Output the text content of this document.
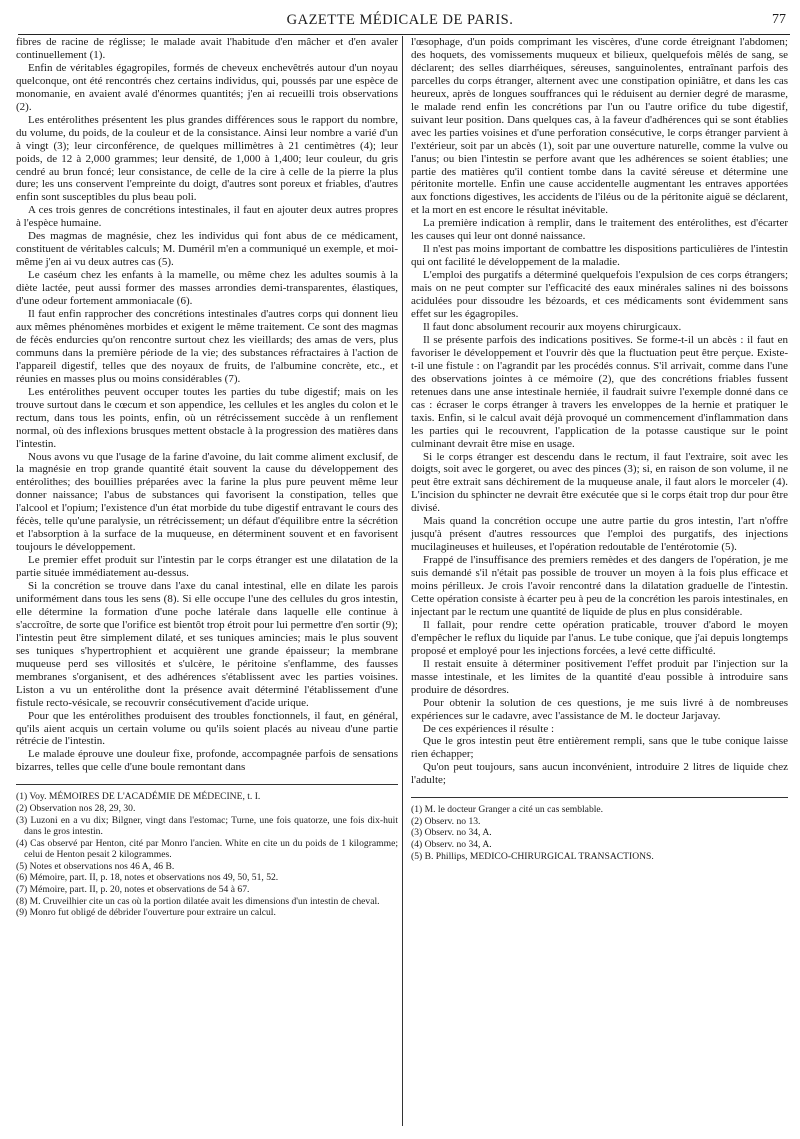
GAZETTE MÉDICALE DE PARIS.	77

fibres de racine de réglisse; le malade avait l'habitude d'en mâcher et d'en avaler continuellement (1).

Enfin de véritables égagropiles, formés de cheveux enchevêtrés autour d'un noyau quelconque, ont été rencontrés chez certains individus, qui, poussés par une espèce de monomanie, en avaient avalé d'énormes quantités; j'en ai recueilli trois observations (2).

Les entérolithes présentent les plus grandes différences sous le rapport du nombre, du volume, du poids, de la couleur et de la consistance. Ainsi leur nombre a varié d'un à vingt (3); leur circonférence, de quelques millimètres à 21 centimètres (4); leur poids, de 12 à 2,000 grammes; leur densité, de 1,000 à 1,400; leur couleur, du gris cendré au brun foncé; leur consistance, de celle de la cire à celle de la pierre la plus dure; les uns conservent l'empreinte du doigt, d'autres sont poreux et friables, d'autres enfin sont susceptibles du plus beau poli.

A ces trois genres de concrétions intestinales, il faut en ajouter deux autres propres à l'espèce humaine.

Des magmas de magnésie, chez les individus qui font abus de ce médicament, constituent de véritables calculs; M. Duméril m'en a communiqué un exemple, et moi-même j'en ai vu deux autres cas (5).

Le caséum chez les enfants à la mamelle, ou même chez les adultes soumis à la diète lactée, peut aussi former des masses arrondies demi-transparentes, élastiques, d'une odeur fortement ammoniacale (6).

Il faut enfin rapprocher des concrétions intestinales d'autres corps qui donnent lieu aux mêmes phénomènes morbides et exigent le même traitement. Ce sont des magmas de fécès endurcies qu'on rencontre surtout chez les vieillards; des amas de vers, plus communs dans la première période de la vie; des substances réfractaires à l'action de l'appareil digestif, telles que des noyaux de fruits, de l'albumine concrète, etc., et réunies en masses plus ou moins considérables (7).

Les entérolithes peuvent occuper toutes les parties du tube digestif; mais on les trouve surtout dans le cœcum et son appendice, les cellules et les angles du colon et le rectum, dans tous les points, enfin, où un rétrécissement succède à un renflement normal, où des inflexions brusques mettent obstacle à la progression des matières dans l'intestin.

Nous avons vu que l'usage de la farine d'avoine, du lait comme aliment exclusif, de la magnésie en trop grande quantité était souvent la cause du développement des entérolithes; des bouillies préparées avec la farine la plus pure peuvent même leur donner naissance; l'abus de substances qui favorisent la constipation, telles que l'alcool et l'opium; l'existence d'un état morbide du tube digestif entravant le cours des fécès, telle qu'une paralysie, un rétrécissement; un défaut d'équilibre entre la sécrétion et l'absorption à la surface de la muqueuse, en déterminent souvent et en favorisent toujours le développement.

Le premier effet produit sur l'intestin par le corps étranger est une dilatation de la partie située immédiatement au-dessus.

Si la concrétion se trouve dans l'axe du canal intestinal, elle en dilate les parois uniformément dans tous les sens (8). Si elle occupe l'une des cellules du gros intestin, elle détermine la formation d'une poche latérale dans laquelle elle continue à s'accroître, de sorte que l'orifice est bientôt trop étroit pour lui permettre d'en sortir (9); l'intestin peut être simplement dilaté, et ses tuniques amincies; mais le plus souvent ses tuniques s'hypertrophient et acquièrent une grande épaisseur; la membrane muqueuse perd ses villosités et s'ulcère, le péritoine s'enflamme, des fausses membranes s'organisent, et des adhérences s'établissent avec les parties voisines. Liston a vu un entérolithe dont la présence avait déterminé l'établissement d'une fistule recto-vésicale, se recouvrir consécutivement d'acide urique.

Pour que les entérolithes produisent des troubles fonctionnels, il faut, en général, qu'ils aient acquis un certain volume ou qu'ils soient placés au niveau d'une partie rétrécie de l'intestin.

Le malade éprouve une douleur fixe, profonde, accompagnée parfois de sensations bizarres, telles que celle d'une boule remontant dans

(1) Voy. MÉMOIRES DE L'ACADÉMIE DE MÉDECINE, t. I.
(2) Observation nos 28, 29, 30.
(3) Luzoni en a vu dix; Bilgner, vingt dans l'estomac; Turne, une fois quatorze, une fois dix-huit dans le gros intestin.
(4) Cas observé par Henton, cité par Monro l'ancien. White en cite un du poids de 1 kilogramme; celui de Henton pesait 2 kilogrammes.
(5) Notes et observations nos 46 A, 46 B.
(6) Mémoire, part. II, p. 18, notes et observations nos 49, 50, 51, 52.
(7) Mémoire, part. II, p. 20, notes et observations de 54 à 67.
(8) M. Cruveilhier cite un cas où la portion dilatée avait les dimensions d'un intestin de cheval.
(9) Monro fut obligé de débrider l'ouverture pour extraire un calcul.

l'œsophage, d'un poids comprimant les viscères, d'une corde étreignant l'abdomen; des hoquets, des vomissements muqueux et bilieux, quelquefois mêlés de sang, se déclarent; des selles diarrhéiques, séreuses, sanguinolentes, entraînant parfois des parcelles du corps étranger, alternent avec une constipation opiniâtre, et dans les cas heureux, après de longues souffrances qui le réduisent au dernier degré de marasme, le malade rend enfin les concrétions par l'un ou l'autre orifice du tube digestif, suivant leur position. Dans quelques cas, à la faveur d'adhérences qui se sont établies avec les parties voisines et d'une perforation consécutive, le corps étranger parvient à l'extérieur, soit par un abcès (1), soit par une ouverture naturelle, comme la vulve ou l'anus; ou bien l'intestin se perfore avant que les adhérences se soient établies; une partie des matières qu'il contient tombe dans la cavité séreuse et détermine une péritonite mortelle. Enfin une cause accidentelle augmentant les entraves apportées aux fonctions digestives, les accidents de l'iléus ou de la péritonite aiguë se déclarent, et la mort en est encore le résultat inévitable.

La première indication à remplir, dans le traitement des entérolithes, est d'écarter les causes qui leur ont donné naissance.

Il n'est pas moins important de combattre les dispositions particulières de l'intestin qui ont facilité le développement de la maladie.

L'emploi des purgatifs a déterminé quelquefois l'expulsion de ces corps étrangers; mais on ne peut compter sur l'efficacité des eaux minérales salines ni des boissons acidulées pour dissoudre les bézoards, et ces médicaments sont évidemment sans effet sur les égagropiles.

Il faut donc absolument recourir aux moyens chirurgicaux.

Il se présente parfois des indications positives. Se forme-t-il un abcès : il faut en favoriser le développement et l'ouvrir dès que la fluctuation peut être perçue. Existe-t-il une fistule : on l'agrandit par les procédés connus. S'il arrivait, comme dans l'une des observations jointes à ce mémoire (2), que des concrétions friables fussent retenues dans une anse intestinale herniée, il faudrait suivre l'exemple donné dans ce cas : écraser le corps étranger à travers les enveloppes de la hernie et pratiquer le taxis. Enfin, si le calcul avait déjà provoqué un commencement d'inflammation dans les parties qui le recouvrent, l'application de la potasse caustique sur le point culminant devrait être mise en usage.

Si le corps étranger est descendu dans le rectum, il faut l'extraire, soit avec les doigts, soit avec le gorgeret, ou avec des pinces (3); si, en raison de son volume, il ne peut être extrait sans déchirement de la muqueuse anale, il faut alors le morceler (4). L'incision du sphincter ne devrait être exécutée que si le corps était trop dur pour être divisé.

Mais quand la concrétion occupe une autre partie du gros intestin, l'art n'offre jusqu'à présent d'autres ressources que l'emploi des purgatifs, des injections mucilagineuses et huileuses, et l'opération redoutable de l'entérotomie (5).

Frappé de l'insuffisance des premiers remèdes et des dangers de l'opération, je me suis demandé s'il n'était pas possible de trouver un moyen à la fois plus efficace et moins périlleux. Je crois l'avoir rencontré dans la dilatation graduelle de l'intestin. Cette opération consiste à écarter peu à peu de la concrétion les parois intestinales, en injectant par le rectum une quantité de liquide de plus en plus considérable.

Il fallait, pour rendre cette opération praticable, trouver d'abord le moyen d'empêcher le reflux du liquide par l'anus. Le tube conique, que j'ai depuis longtemps proposé et employé pour les injections forcées, a levé cette difficulté.

Il restait ensuite à déterminer positivement l'effet produit par l'injection sur la masse intestinale, et les limites de la quantité d'eau possible à introduire sans produire de désordres.

Pour obtenir la solution de ces questions, je me suis livré à de nombreuses expériences sur le cadavre, avec l'assistance de M. le docteur Jarjavay.

De ces expériences il résulte :

Que le gros intestin peut être entièrement rempli, sans que le tube conique laisse rien échapper;

Qu'on peut toujours, sans aucun inconvénient, introduire 2 litres de liquide chez l'adulte;

(1) M. le docteur Granger a cité un cas semblable.
(2) Observ. no 13.
(3) Observ. no 34, A.
(4) Observ. no 34, A.
(5) B. Phillips, MEDICO-CHIRURGICAL TRANSACTIONS.
